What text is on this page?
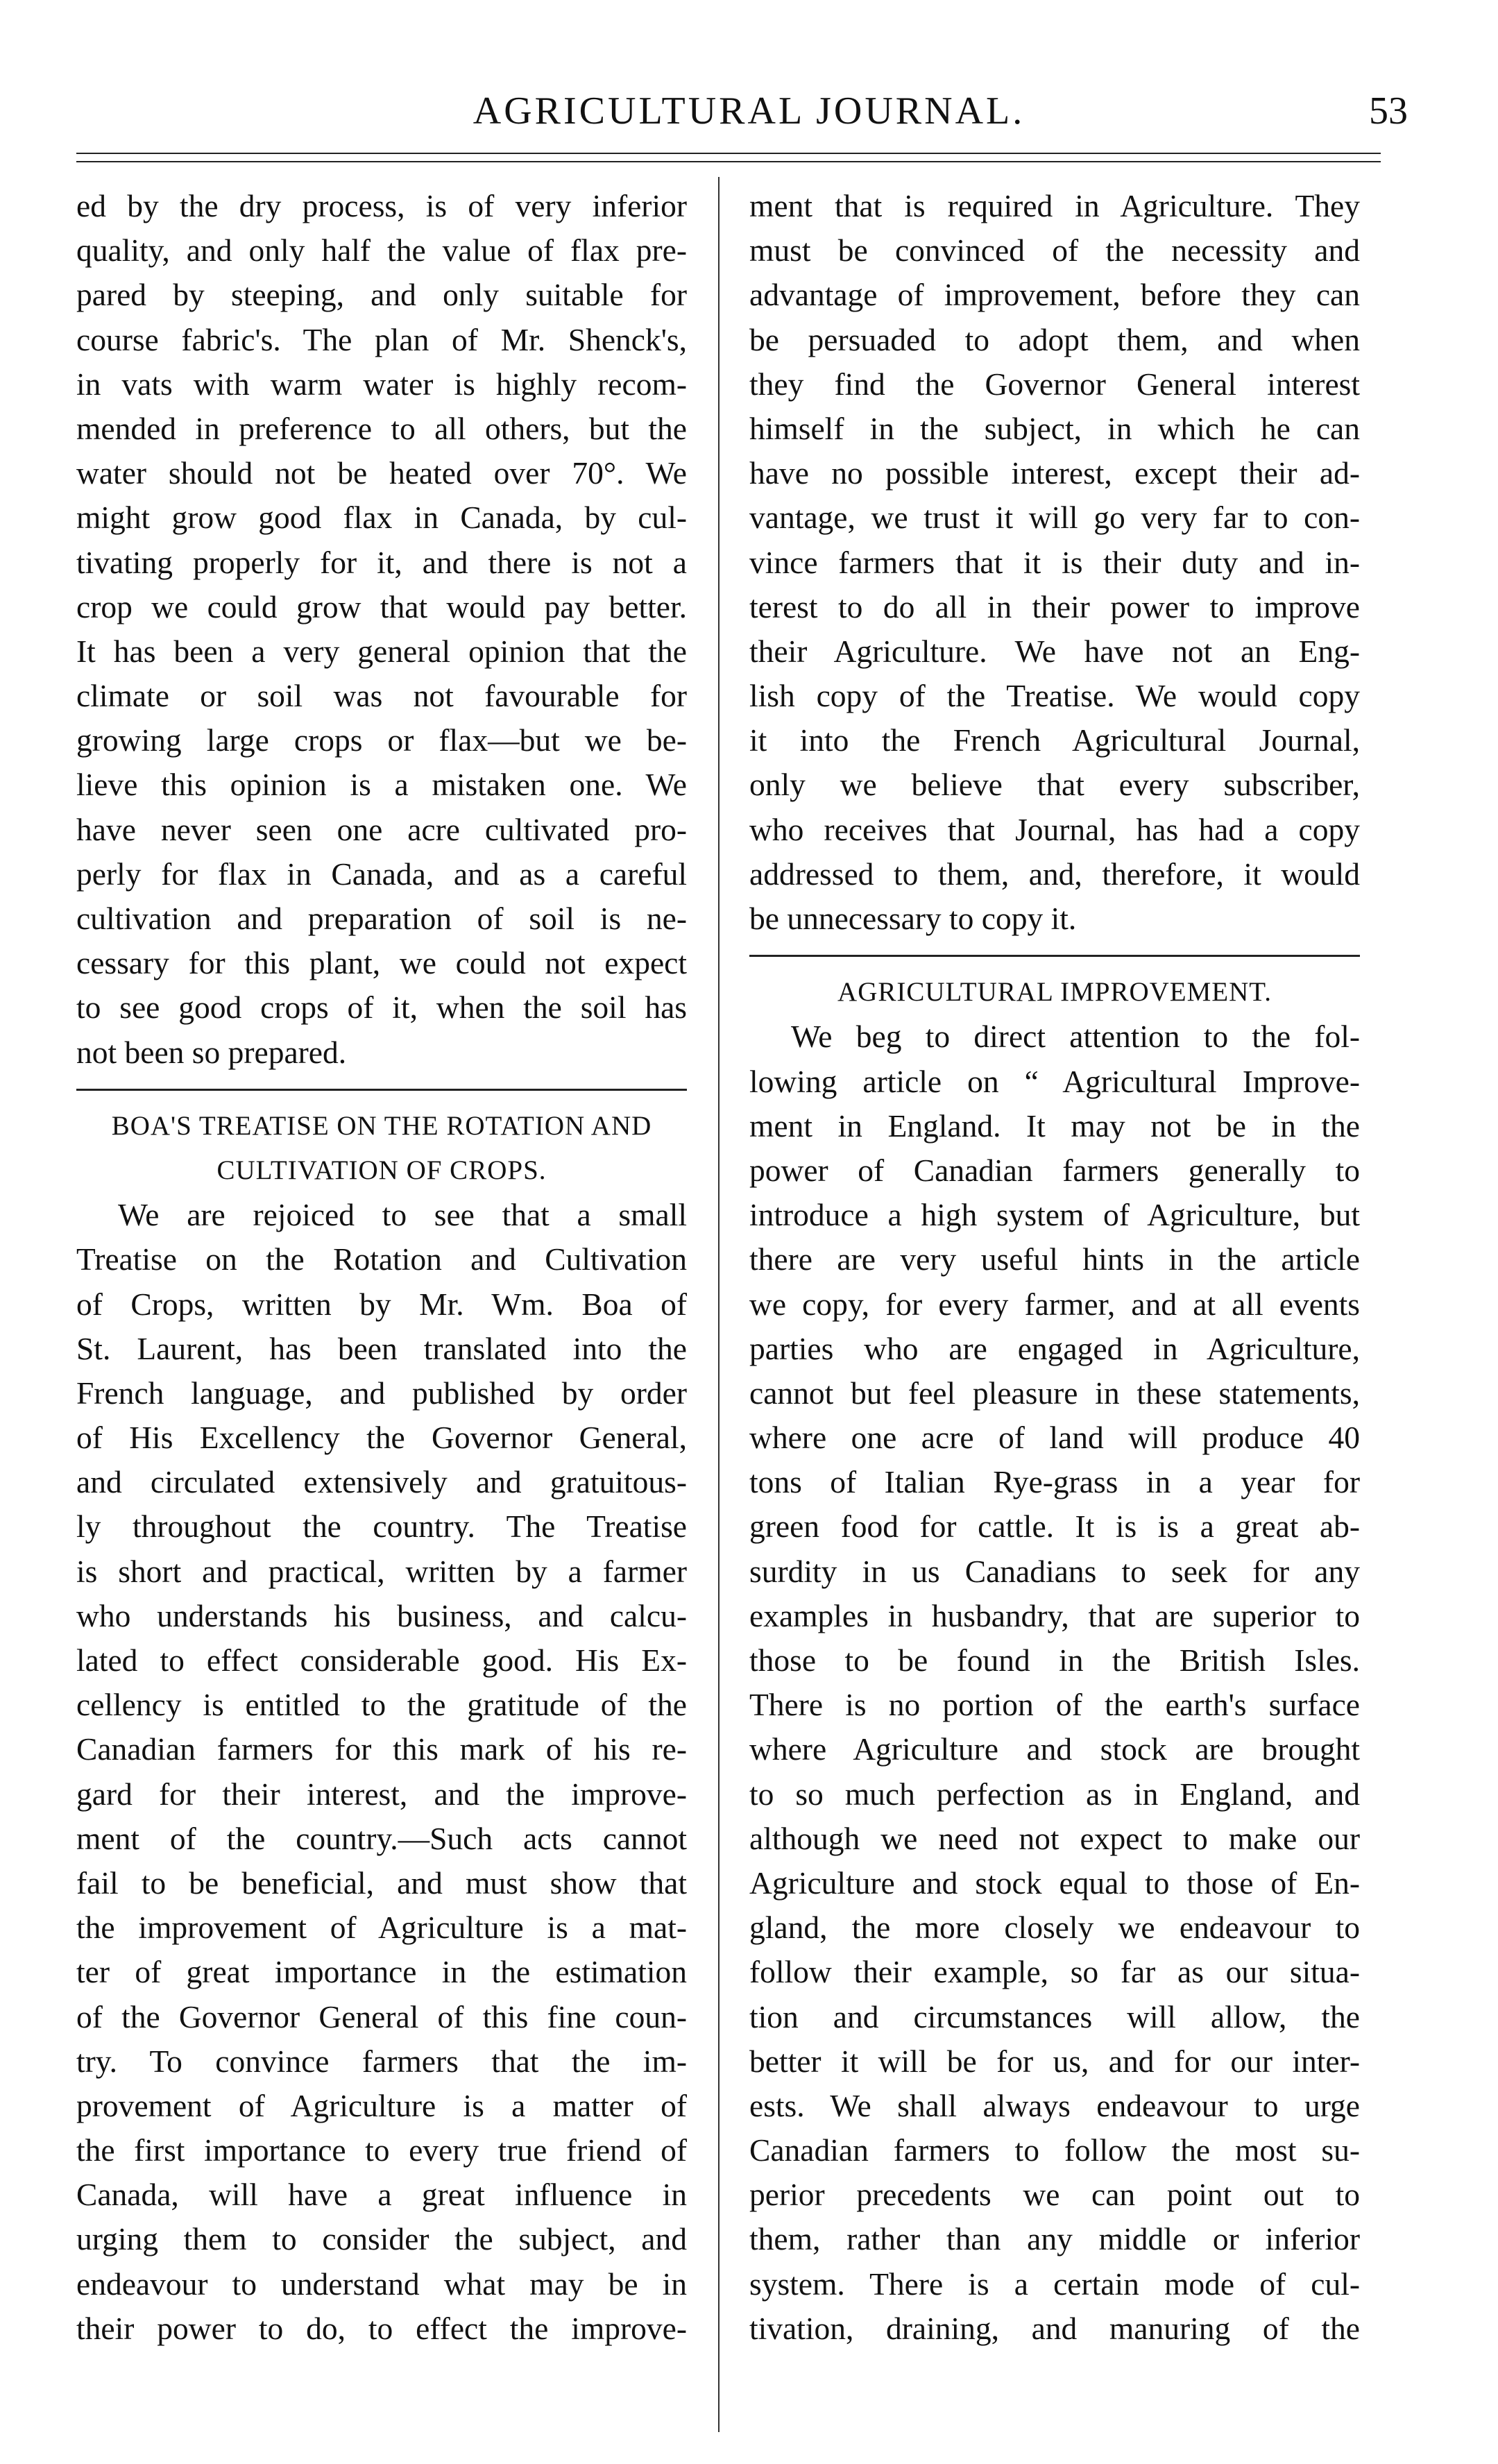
AGRICULTURAL JOURNAL.	53
ed by the dry process, is of very inferior
quality, and only half the value of flax pre-
pared by steeping, and only suitable for
course fabric's. The plan of Mr. Shenck's,
in vats with warm water is highly recom-
mended in preference to all others, but the
water should not be heated over 70°. We
might grow good flax in Canada, by cul-
tivating properly for it, and there is not a
crop we could grow that would pay better.
It has been a very general opinion that the
climate or soil was not favourable for
growing large crops or flax—but we be-
lieve this opinion is a mistaken one. We
have never seen one acre cultivated pro-
perly for flax in Canada, and as a careful
cultivation and preparation of soil is ne-
cessary for this plant, we could not expect
to see good crops of it, when the soil has
not been so prepared.
BOA'S TREATISE ON THE ROTATION AND
CULTIVATION OF CROPS.
We are rejoiced to see that a small
Treatise on the Rotation and Cultivation
of Crops, written by Mr. Wm. Boa of
St. Laurent, has been translated into the
French language, and published by order
of His Excellency the Governor General,
and circulated extensively and gratuitous-
ly throughout the country. The Treatise
is short and practical, written by a farmer
who understands his business, and calcu-
lated to effect considerable good. His Ex-
cellency is entitled to the gratitude of the
Canadian farmers for this mark of his re-
gard for their interest, and the improve-
ment of the country.—Such acts cannot
fail to be beneficial, and must show that
the improvement of Agriculture is a mat-
ter of great importance in the estimation
of the Governor General of this fine coun-
try. To convince farmers that the im-
provement of Agriculture is a matter of
the first importance to every true friend of
Canada, will have a great influence in
urging them to consider the subject, and
endeavour to understand what may be in
their power to do, to effect the improve-
ment that is required in Agriculture. They
must be convinced of the necessity and
advantage of improvement, before they can
be persuaded to adopt them, and when
they find the Governor General interest
himself in the subject, in which he can
have no possible interest, except their ad-
vantage, we trust it will go very far to con-
vince farmers that it is their duty and in-
terest to do all in their power to improve
their Agriculture. We have not an Eng-
lish copy of the Treatise. We would copy
it into the French Agricultural Journal,
only we believe that every subscriber,
who receives that Journal, has had a copy
addressed to them, and, therefore, it would
be unnecessary to copy it.
AGRICULTURAL IMPROVEMENT.
We beg to direct attention to the fol-
lowing article on “ Agricultural Improve-
ment in England. It may not be in the
power of Canadian farmers generally to
introduce a high system of Agriculture, but
there are very useful hints in the article
we copy, for every farmer, and at all events
parties who are engaged in Agriculture,
cannot but feel pleasure in these statements,
where one acre of land will produce 40
tons of Italian Rye-grass in a year for
green food for cattle. It is is a great ab-
surdity in us Canadians to seek for any
examples in husbandry, that are superior to
those to be found in the British Isles.
There is no portion of the earth's surface
where Agriculture and stock are brought
to so much perfection as in England, and
although we need not expect to make our
Agriculture and stock equal to those of En-
gland, the more closely we endeavour to
follow their example, so far as our situa-
tion and circumstances will allow, the
better it will be for us, and for our inter-
ests. We shall always endeavour to urge
Canadian farmers to follow the most su-
perior precedents we can point out to
them, rather than any middle or inferior
system. There is a certain mode of cul-
tivation, draining, and manuring of the
